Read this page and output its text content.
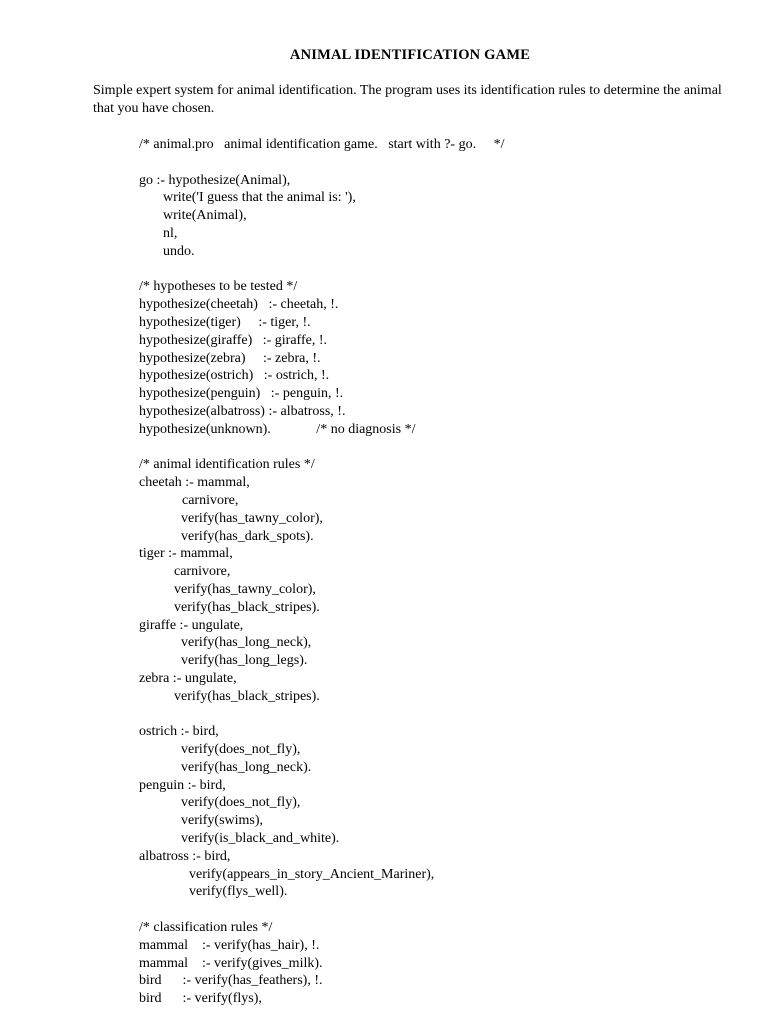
ANIMAL IDENTIFICATION GAME

Simple expert system for animal identification. The program uses its identification rules to determine the animal that you have chosen.

/* animal.pro   animal identification game.   start with ?- go.     */
go :- hypothesize(Animal),
write('I guess that the animal is: '),
write(Animal),
nl,
undo.
/* hypotheses to be tested */
hypothesize(cheetah)   :- cheetah, !.
hypothesize(tiger)     :- tiger, !.
hypothesize(giraffe)   :- giraffe, !.
hypothesize(zebra)     :- zebra, !.
hypothesize(ostrich)   :- ostrich, !.
hypothesize(penguin)   :- penguin, !.
hypothesize(albatross) :- albatross, !.
hypothesize(unknown).             /* no diagnosis */
/* animal identification rules */
cheetah :- mammal,
carnivore,
verify(has_tawny_color),
verify(has_dark_spots).
tiger :- mammal,
carnivore,
verify(has_tawny_color),
verify(has_black_stripes).
giraffe :- ungulate,
verify(has_long_neck),
verify(has_long_legs).
zebra :- ungulate,
verify(has_black_stripes).
ostrich :- bird,
verify(does_not_fly),
verify(has_long_neck).
penguin :- bird,
verify(does_not_fly),
verify(swims),
verify(is_black_and_white).
albatross :- bird,
verify(appears_in_story_Ancient_Mariner),
verify(flys_well).
/* classification rules */
mammal    :- verify(has_hair), !.
mammal    :- verify(gives_milk).
bird      :- verify(has_feathers), !.
bird      :- verify(flys),
